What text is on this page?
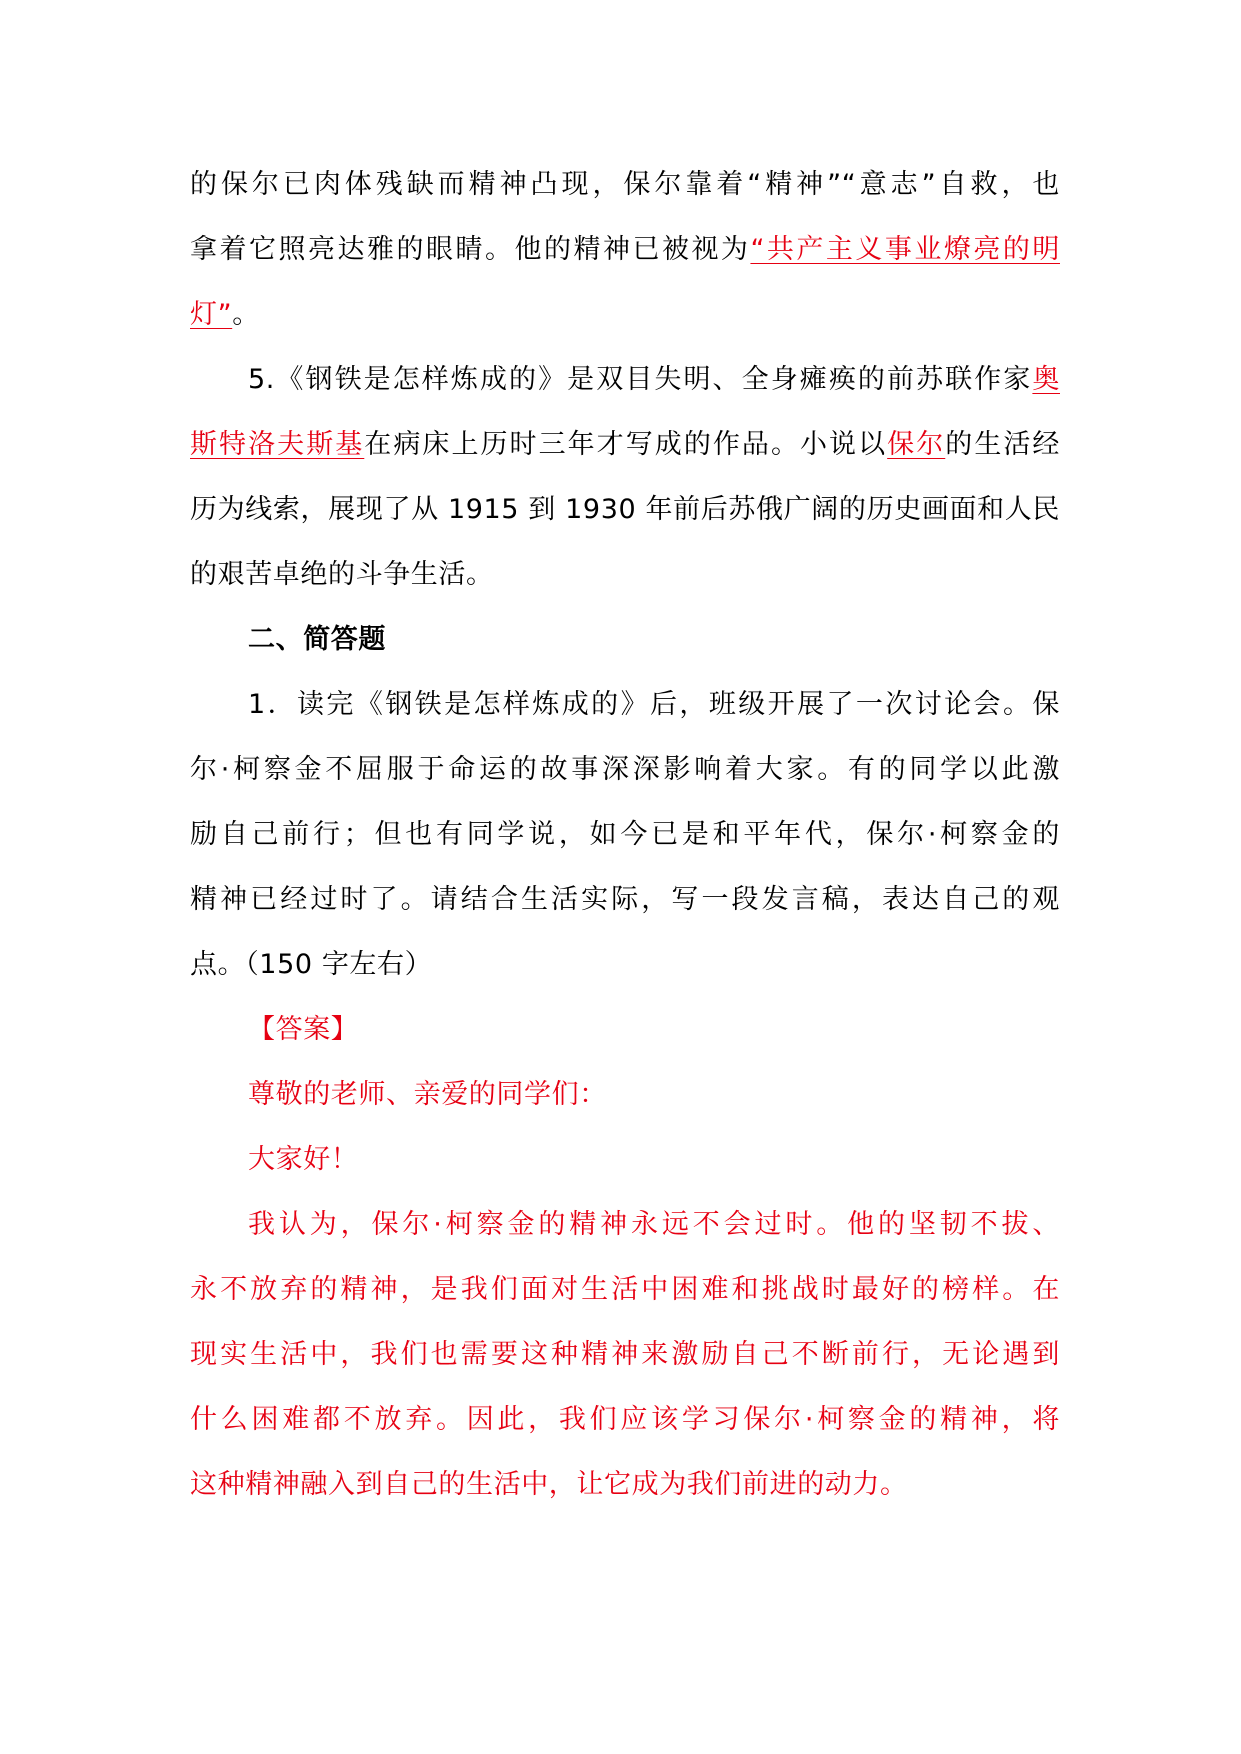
的保尔已肉体残缺而精神凸现，保尔靠着“精神”“意志”自救，也
拿着它照亮达雅的眼睛。他的精神已被视为“共产主义事业燎亮的明
灯”。
5.《钢铁是怎样炼成的》是双目失明、全身瘫痪的前苏联作家奥
斯特洛夫斯基在病床上历时三年才写成的作品。小说以保尔的生活经
历为线索，展现了从 1915 到 1930 年前后苏俄广阔的历史画面和人民
的艰苦卓绝的斗争生活。
二、简答题
1．读完《钢铁是怎样炼成的》后，班级开展了一次讨论会。保
尔·柯察金不屈服于命运的故事深深影响着大家。有的同学以此激
励自己前行；但也有同学说，如今已是和平年代，保尔·柯察金的
精神已经过时了。请结合生活实际，写一段发言稿，表达自己的观
点。（150 字左右）
【答案】
尊敬的老师、亲爱的同学们：
大家好！
我认为，保尔·柯察金的精神永远不会过时。他的坚韧不拔、
永不放弃的精神，是我们面对生活中困难和挑战时最好的榜样。在
现实生活中，我们也需要这种精神来激励自己不断前行，无论遇到
什么困难都不放弃。因此，我们应该学习保尔·柯察金的精神，将
这种精神融入到自己的生活中，让它成为我们前进的动力。
